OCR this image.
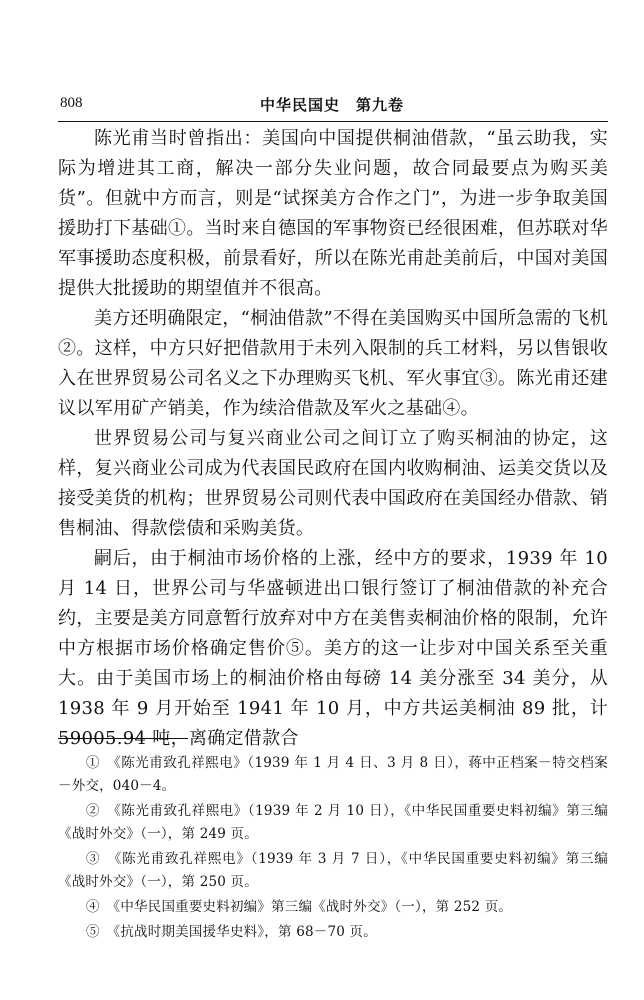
808	中华民国史　第九卷

陈光甫当时曾指出：美国向中国提供桐油借款，“虽云助我，实际为增进其工商，解决一部分失业问题，故合同最要点为购买美货”。但就中方而言，则是“试探美方合作之门”，为进一步争取美国援助打下基础①。当时来自德国的军事物资已经很困难，但苏联对华军事援助态度积极，前景看好，所以在陈光甫赴美前后，中国对美国提供大批援助的期望值并不很高。

美方还明确限定，“桐油借款”不得在美国购买中国所急需的飞机②。这样，中方只好把借款用于未列入限制的兵工材料，另以售银收入在世界贸易公司名义之下办理购买飞机、军火事宜③。陈光甫还建议以军用矿产销美，作为续洽借款及军火之基础④。

世界贸易公司与复兴商业公司之间订立了购买桐油的协定，这样，复兴商业公司成为代表国民政府在国内收购桐油、运美交货以及接受美货的机构；世界贸易公司则代表中国政府在美国经办借款、销售桐油、得款偿债和采购美货。

嗣后，由于桐油市场价格的上涨，经中方的要求，1939 年 10 月 14 日，世界公司与华盛顿进出口银行签订了桐油借款的补充合约，主要是美方同意暂行放弃对中方在美售卖桐油价格的限制，允许中方根据市场价格确定售价⑤。美方的这一让步对中国关系至关重大。由于美国市场上的桐油价格由每磅 14 美分涨至 34 美分，从 1938 年 9 月开始至 1941 年 10 月，中方共运美桐油 89 批，计 59005.94 吨，离确定借款合

①　《陈光甫致孔祥熙电》（1939 年 1 月 4 日、3 月 8 日），蒋中正档案－特交档案－外交，040－4。

②　《陈光甫致孔祥熙电》（1939 年 2 月 10 日），《中华民国重要史料初编》第三编《战时外交》（一），第 249 页。

③　《陈光甫致孔祥熙电》（1939 年 3 月 7 日），《中华民国重要史料初编》第三编《战时外交》（一），第 250 页。

④　《中华民国重要史料初编》第三编《战时外交》（一），第 252 页。

⑤　《抗战时期美国援华史料》，第 68－70 页。
